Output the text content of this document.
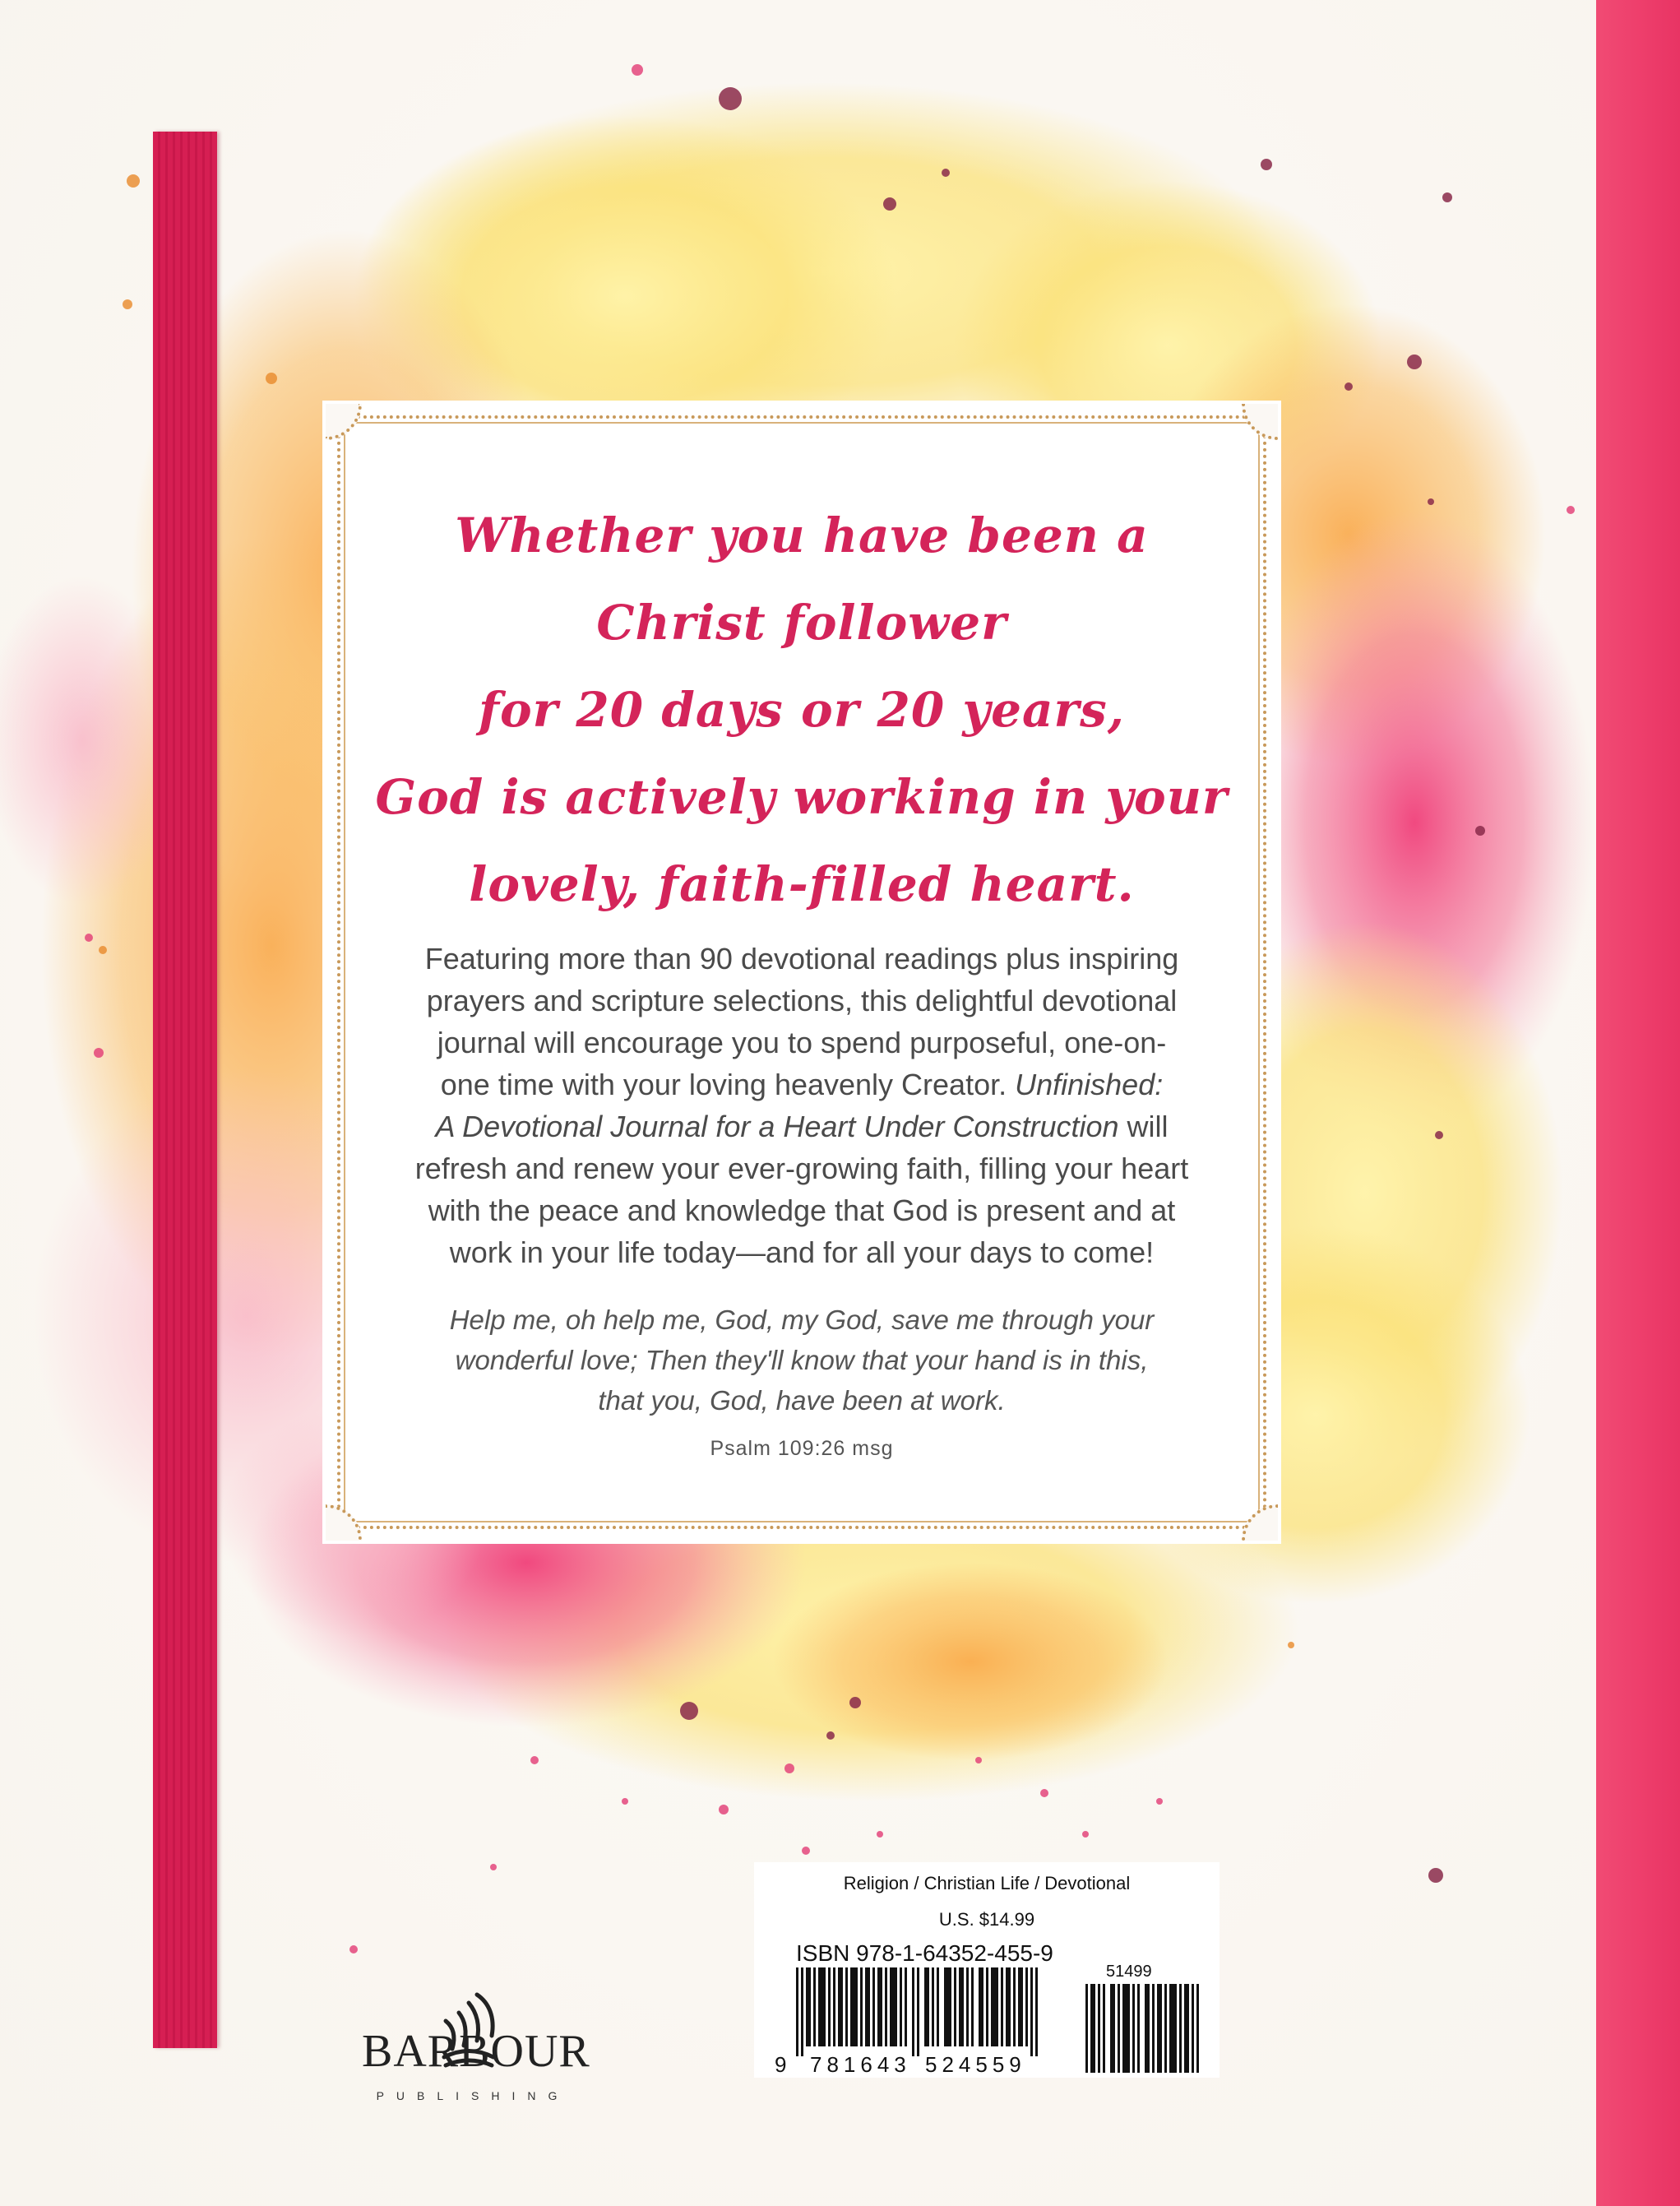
Whether you have been a
Christ follower
for 20 days or 20 years,
God is actively working in your
lovely, faith-filled heart.
Featuring more than 90 devotional readings plus inspiring
prayers and scripture selections, this delightful devotional
journal will encourage you to spend purposeful, one-on-
one time with your loving heavenly Creator. Unfinished:
A Devotional Journal for a Heart Under Construction will
refresh and renew your ever-growing faith, filling your heart
with the peace and knowledge that God is present and at
work in your life today—and for all your days to come!
Help me, oh help me, God, my God, save me through your
wonderful love; Then they'll know that your hand is in this,
that you, God, have been at work.
Psalm 109:26 msg
BARBOUR
PUBLISHING
Religion / Christian Life / Devotional
U.S. $14.99
ISBN 978-1-64352-455-9
51499
9 781643 524559
